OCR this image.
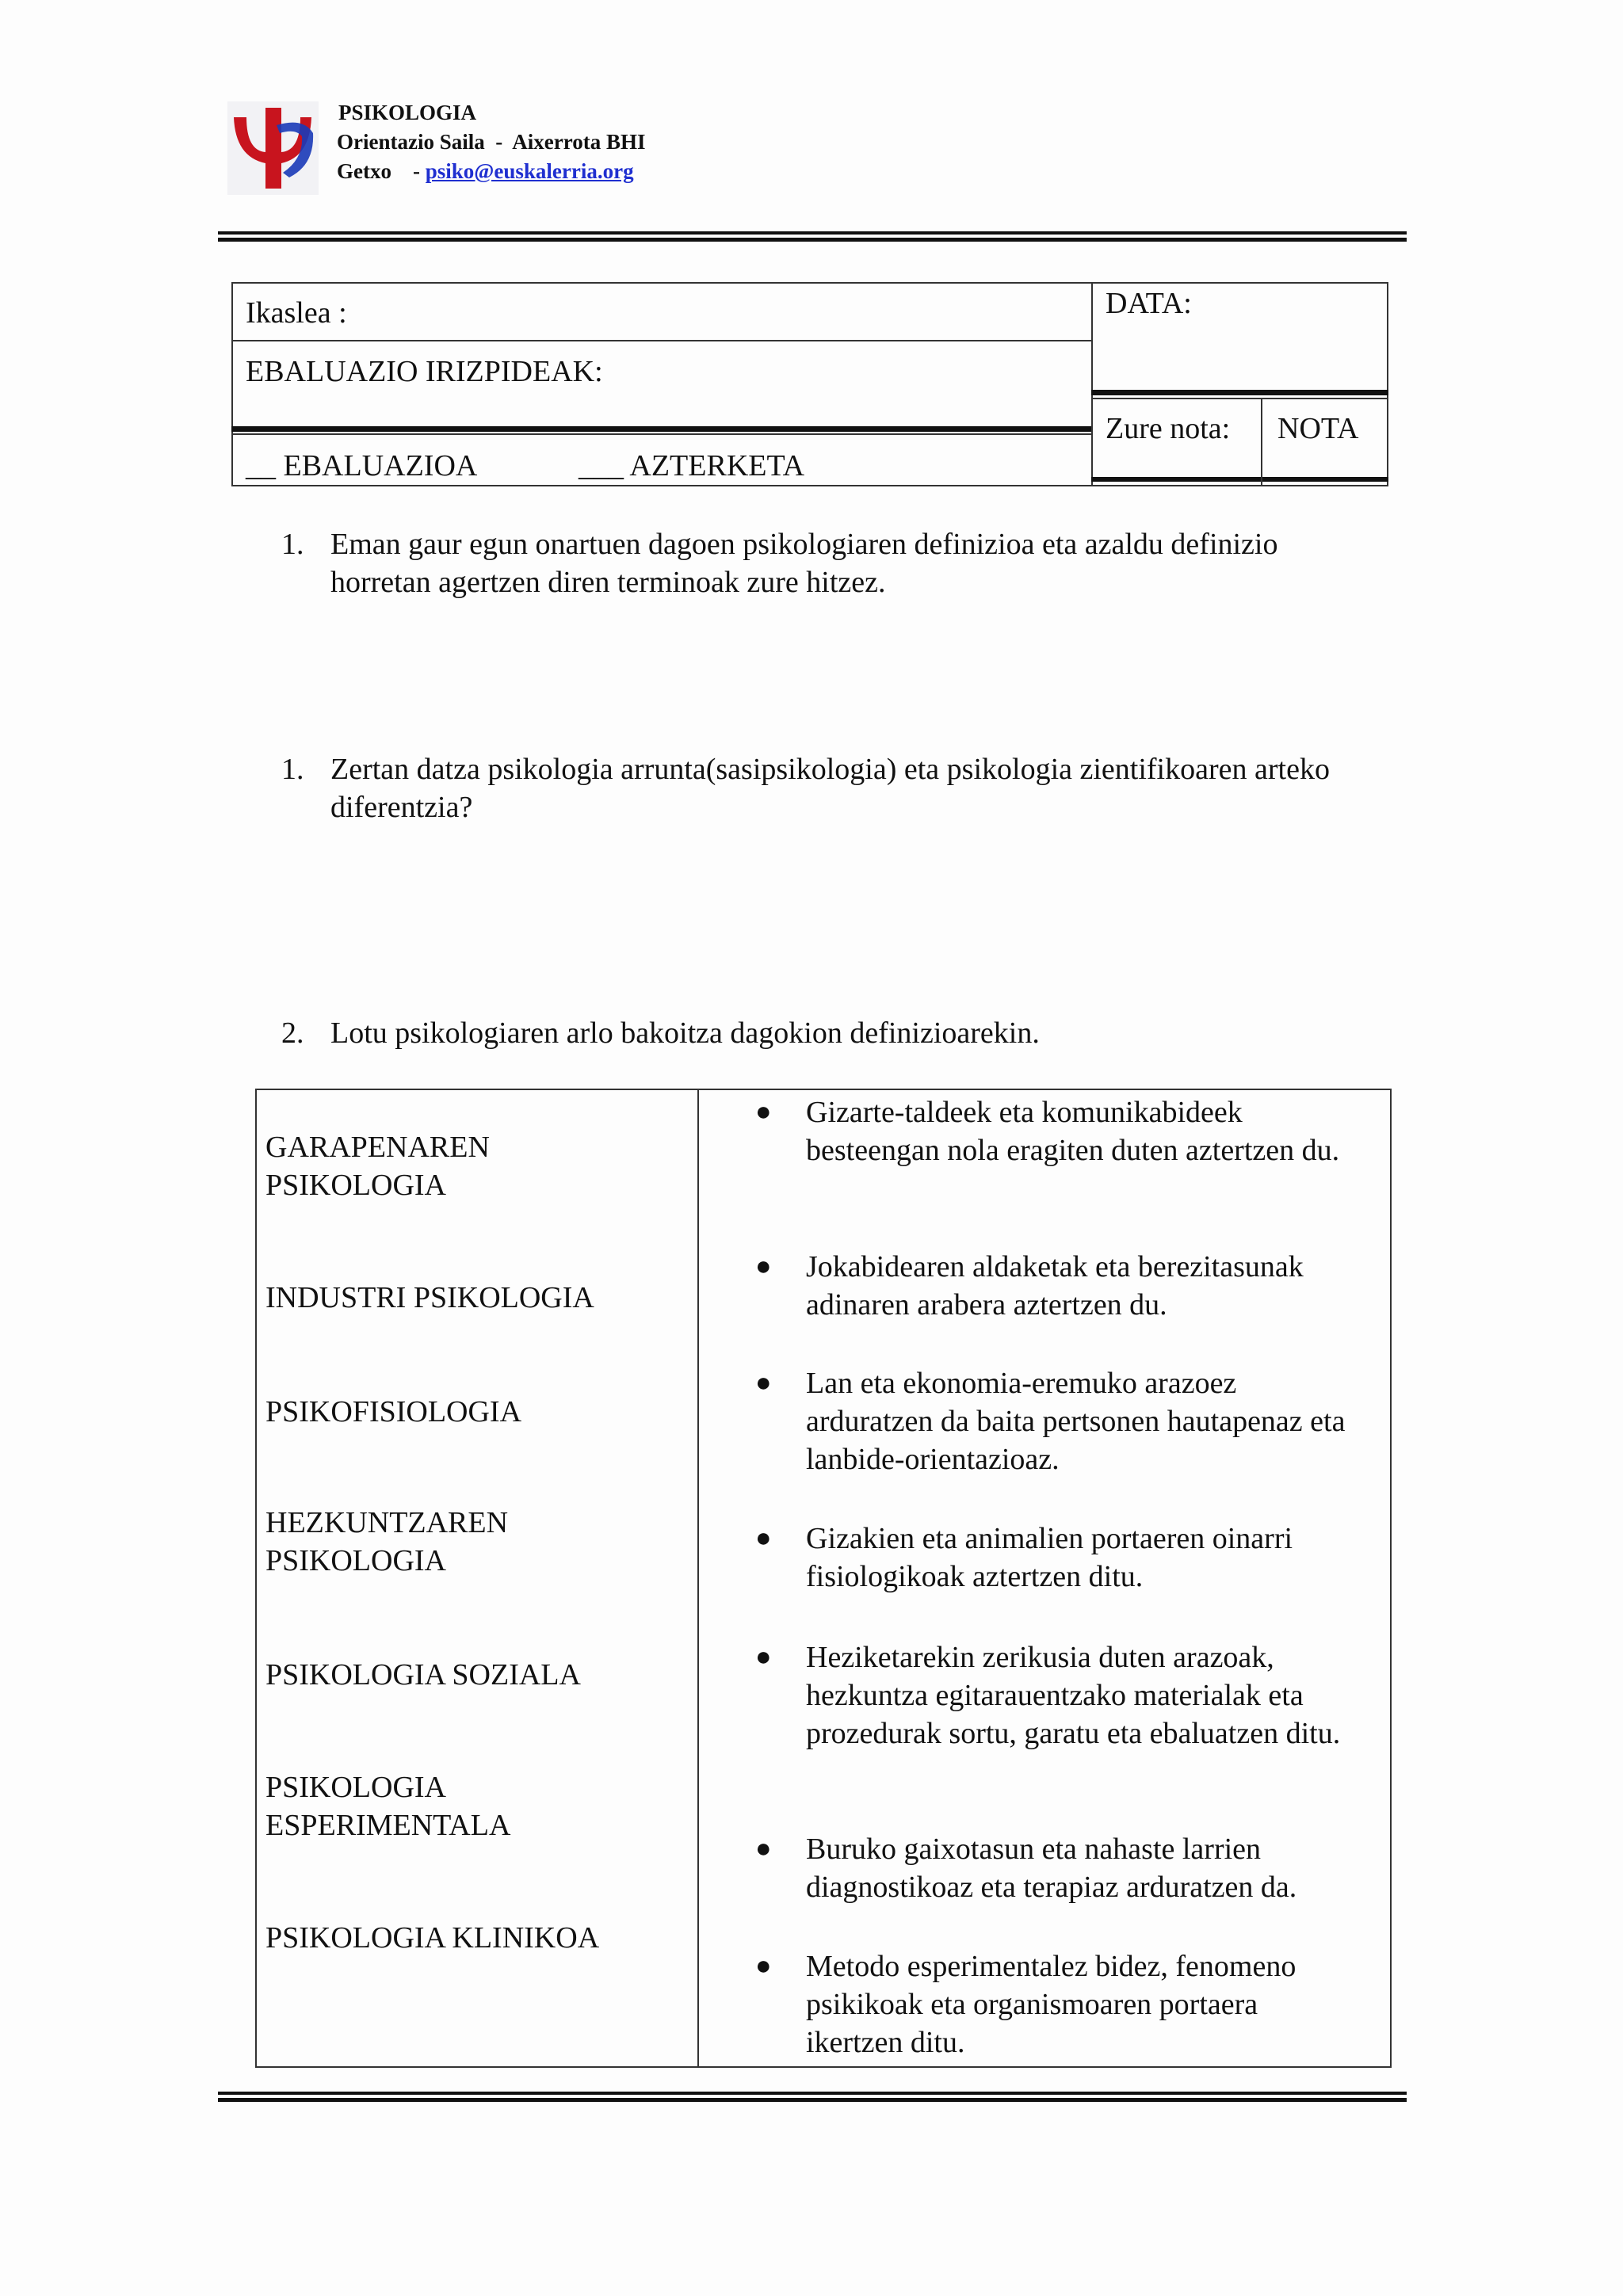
PSIKOLOGIA
Orientazio Saila  -  Aixerrota BHI
Getxo    - psiko@euskalerria.org
Ikaslea :
EBALUAZIO IRIZPIDEAK:
__ EBALUAZIOA	___ AZTERKETA
DATA:
Zure nota: NOTA
1. Eman gaur egun onartuen dagoen psikologiaren definizioa eta azaldu definizio horretan agertzen diren terminoak zure hitzez.
1. Zertan datza psikologia arrunta(sasipsikologia) eta psikologia zientifikoaren arteko diferentzia?
2. Lotu psikologiaren arlo bakoitza dagokion definizioarekin.
GARAPENAREN PSIKOLOGIA
INDUSTRI PSIKOLOGIA
PSIKOFISIOLOGIA
HEZKUNTZAREN PSIKOLOGIA
PSIKOLOGIA SOZIALA
PSIKOLOGIA ESPERIMENTALA
PSIKOLOGIA KLINIKOA
● Gizarte-taldeek eta komunikabideek besteengan nola eragiten duten aztertzen du.
● Jokabidearen aldaketak eta berezitasunak adinaren arabera aztertzen du.
● Lan eta ekonomia-eremuko arazoez arduratzen da baita pertsonen hautapenaz eta lanbide-orientazioaz.
● Gizakien eta animalien portaeren oinarri fisiologikoak aztertzen ditu.
● Heziketarekin zerikusia duten arazoak, hezkuntza egitarauentzako materialak eta prozedurak sortu, garatu eta ebaluatzen ditu.
● Buruko gaixotasun eta nahaste larrien diagnostikoaz eta terapiaz arduratzen da.
● Metodo esperimentalez bidez, fenomeno psikikoak eta organismoaren portaera ikertzen ditu.
